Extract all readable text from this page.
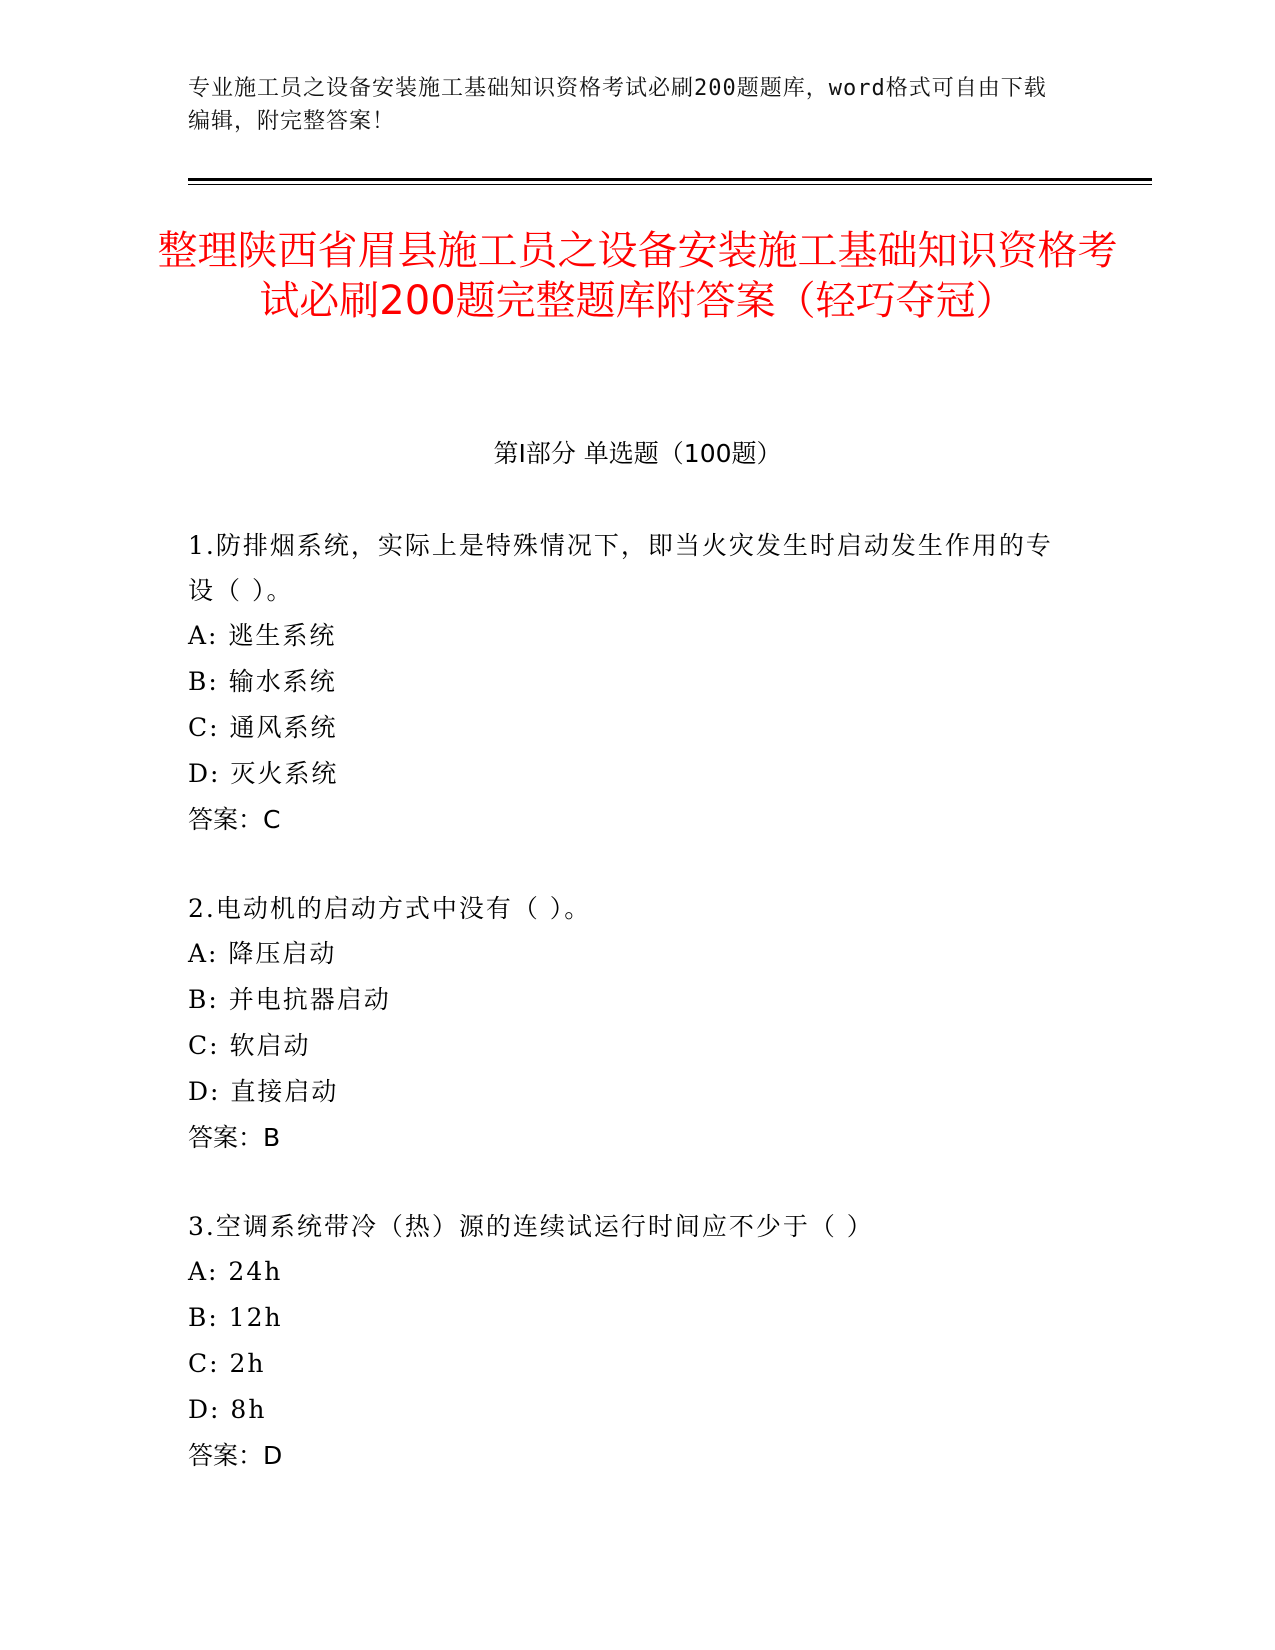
专业施工员之设备安装施工基础知识资格考试必刷200题题库，word格式可自由下载编辑，附完整答案！
整理陕西省眉县施工员之设备安装施工基础知识资格考试必刷200题完整题库附答案（轻巧夺冠）
第I部分 单选题（100题）

1.防排烟系统，实际上是特殊情况下，即当火灾发生时启动发生作用的专设（ ）。

A: 逃生系统

B: 输水系统

C: 通风系统

D: 灭火系统

答案：C

2.电动机的启动方式中没有（ ）。

A: 降压启动

B: 并电抗器启动

C: 软启动

D: 直接启动

答案：B

3.空调系统带冷（热）源的连续试运行时间应不少于（ ）

A: 24h

B: 12h

C: 2h

D: 8h

答案：D
